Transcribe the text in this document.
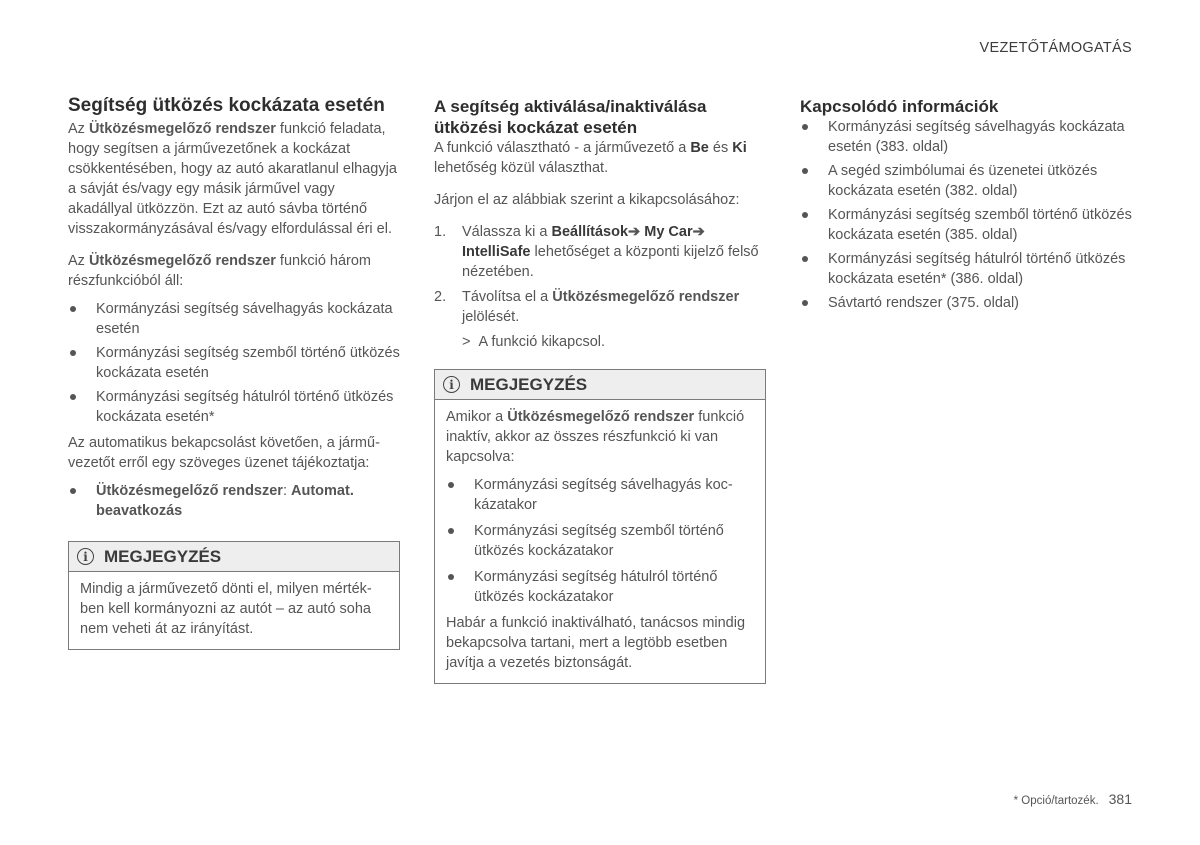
VEZETŐTÁMOGATÁS
Segítség ütközés kockázata esetén

Az Ütközésmegelőző rendszer funkció feladata, hogy segítsen a járművezetőnek a kockázat csökkentésében, hogy az autó akaratlanul elhagyja a sávját és/vagy egy másik járművel vagy akadállyal ütközzön. Ezt az autó sávba történő visszakormányzásával és/vagy elfordulással éri el.

Az Ütközésmegelőző rendszer funkció három részfunkcióból áll:

Kormányzási segítség sávelhagyás kockázata esetén
Kormányzási segítség szemből történő ütközés kockázata esetén
Kormányzási segítség hátulról történő ütközés kockázata esetén*

Az automatikus bekapcsolást követően, a járművezetőt erről egy szöveges üzenet tájékoztatja:

Ütközésmegelőző rendszer: Automat. beavatkozás
i MEGJEGYZÉS

Mindig a járművezető dönti el, milyen mértékben kell kormányozni az autót – az autó soha nem veheti át az irányítást.

A segítség aktiválása/inaktiválása ütközési kockázat esetén

A funkció választható - a járművezető a Be és Ki lehetőség közül választhat.

Járjon el az alábbiak szerint a kikapcsolásához:

1. Válassza ki a Beállítások➔ My Car➔ IntelliSafe lehetőséget a központi kijelző felső nézetében.
2. Távolítsa el a Ütközésmegelőző rendszer jelölését.
> A funkció kikapcsol.
i MEGJEGYZÉS

Amikor a Ütközésmegelőző rendszer funkció inaktív, akkor az összes részfunkció ki van kapcsolva:

Kormányzási segítség sávelhagyás kockázatakor
Kormányzási segítség szemből történő ütközés kockázatakor
Kormányzási segítség hátulról történő ütközés kockázatakor

Habár a funkció inaktiválható, tanácsos mindig bekapcsolva tartani, mert a legtöbb esetben javítja a vezetés biztonságát.

Kapcsolódó információk
Kormányzási segítség sávelhagyás kockázata esetén (383. oldal)
A segéd szimbólumai és üzenetei ütközés kockázata esetén (382. oldal)
Kormányzási segítség szemből történő ütközés kockázata esetén (385. oldal)
Kormányzási segítség hátulról történő ütközés kockázata esetén* (386. oldal)
Sávtartó rendszer (375. oldal)
* Opció/tartozék. 381
